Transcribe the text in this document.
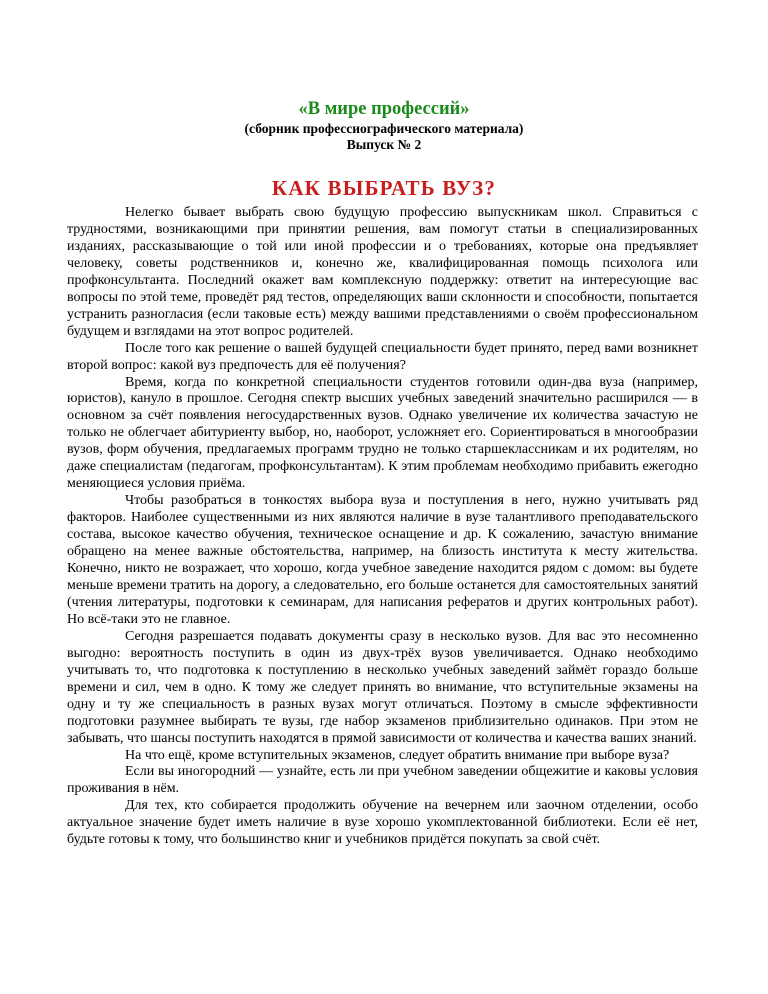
«В мире профессий»
(сборник профессиографического материала)
Выпуск № 2
КАК ВЫБРАТЬ ВУЗ?

Нелегко бывает выбрать свою будущую профессию выпускникам школ. Справиться с трудностями, возникающими при принятии решения, вам помогут статьи в специализированных изданиях, рассказывающие о той или иной профессии и о требованиях, которые она предъявляет человеку, советы родственников и, конечно же, квалифицированная помощь психолога или профконсультанта. Последний окажет вам комплексную поддержку: ответит на интересующие вас вопросы по этой теме, проведёт ряд тестов, определяющих ваши склонности и способности, попытается устранить разногласия (если таковые есть) между вашими представлениями о своём профессиональном будущем и взглядами на этот вопрос родителей.

После того как решение о вашей будущей специальности будет принято, перед вами возникнет второй вопрос: какой вуз предпочесть для её получения?

Время, когда по конкретной специальности студентов готовили один-два вуза (например, юристов), кануло в прошлое. Сегодня спектр высших учебных заведений значительно расширился — в основном за счёт появления негосударственных вузов. Однако увеличение их количества зачастую не только не облегчает абитуриенту выбор, но, наоборот, усложняет его. Сориентироваться в многообразии вузов, форм обучения, предлагаемых программ трудно не только старшеклассникам и их родителям, но даже специалистам (педагогам, профконсультантам). К этим проблемам необходимо прибавить ежегодно меняющиеся условия приёма.

Чтобы разобраться в тонкостях выбора вуза и поступления в него, нужно учитывать ряд факторов. Наиболее существенными из них являются наличие в вузе талантливого преподавательского состава, высокое качество обучения, техническое оснащение и др. К сожалению, зачастую внимание обращено на менее важные обстоятельства, например, на близость института к месту жительства. Конечно, никто не возражает, что хорошо, когда учебное заведение находится рядом с домом: вы будете меньше времени тратить на дорогу, а следовательно, его больше останется для самостоятельных занятий (чтения литературы, подготовки к семинарам, для написания рефератов и других контрольных работ). Но всё-таки это не главное.

Сегодня разрешается подавать документы сразу в несколько вузов. Для вас это несомненно выгодно: вероятность поступить в один из двух-трёх вузов увеличивается. Однако необходимо учитывать то, что подготовка к поступлению в несколько учебных заведений займёт гораздо больше времени и сил, чем в одно. К тому же следует принять во внимание, что вступительные экзамены на одну и ту же специальность в разных вузах могут отличаться. Поэтому в смысле эффективности подготовки разумнее выбирать те вузы, где набор экзаменов приблизительно одинаков. При этом не забывать, что шансы поступить находятся в прямой зависимости от количества и качества ваших знаний.

На что ещё, кроме вступительных экзаменов, следует обратить внимание при выборе вуза?

Если вы иногородний — узнайте, есть ли при учебном заведении общежитие и каковы условия проживания в нём.

Для тех, кто собирается продолжить обучение на вечернем или заочном отделении, особо актуальное значение будет иметь наличие в вузе хорошо укомплектованной библиотеки. Если её нет, будьте готовы к тому, что большинство книг и учебников придётся покупать за свой счёт.
